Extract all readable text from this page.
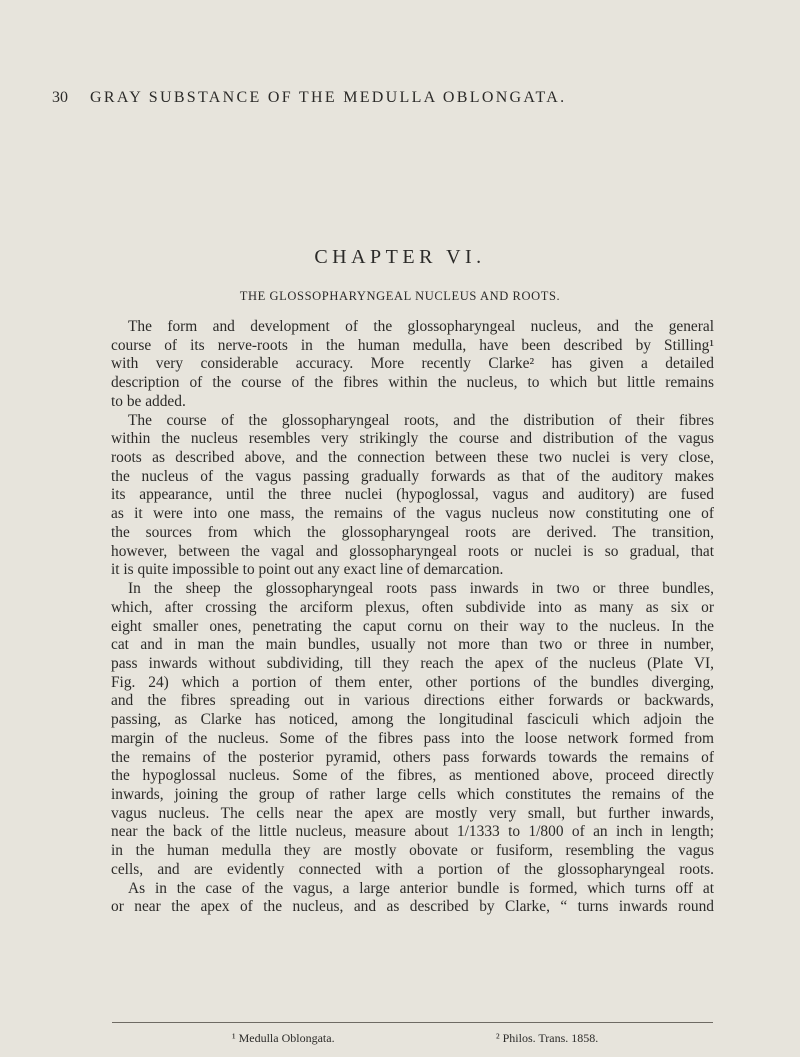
30 GRAY SUBSTANCE OF THE MEDULLA OBLONGATA.
CHAPTER VI.
THE GLOSSOPHARYNGEAL NUCLEUS AND ROOTS.
The form and development of the glossopharyngeal nucleus, and the general
course of its nerve-roots in the human medulla, have been described by Stilling¹
with very considerable accuracy. More recently Clarke² has given a detailed
description of the course of the fibres within the nucleus, to which but little remains
to be added.
The course of the glossopharyngeal roots, and the distribution of their fibres
within the nucleus resembles very strikingly the course and distribution of the vagus
roots as described above, and the connection between these two nuclei is very close,
the nucleus of the vagus passing gradually forwards as that of the auditory makes
its appearance, until the three nuclei (hypoglossal, vagus and auditory) are fused
as it were into one mass, the remains of the vagus nucleus now constituting one of
the sources from which the glossopharyngeal roots are derived. The transition,
however, between the vagal and glossopharyngeal roots or nuclei is so gradual, that
it is quite impossible to point out any exact line of demarcation.
In the sheep the glossopharyngeal roots pass inwards in two or three bundles,
which, after crossing the arciform plexus, often subdivide into as many as six or
eight smaller ones, penetrating the caput cornu on their way to the nucleus. In the
cat and in man the main bundles, usually not more than two or three in number,
pass inwards without subdividing, till they reach the apex of the nucleus (Plate VI,
Fig. 24) which a portion of them enter, other portions of the bundles diverging,
and the fibres spreading out in various directions either forwards or backwards,
passing, as Clarke has noticed, among the longitudinal fasciculi which adjoin the
margin of the nucleus. Some of the fibres pass into the loose network formed from
the remains of the posterior pyramid, others pass forwards towards the remains of
the hypoglossal nucleus. Some of the fibres, as mentioned above, proceed directly
inwards, joining the group of rather large cells which constitutes the remains of the
vagus nucleus. The cells near the apex are mostly very small, but further inwards,
near the back of the little nucleus, measure about 1/1333 to 1/800 of an inch in length;
in the human medulla they are mostly obovate or fusiform, resembling the vagus
cells, and are evidently connected with a portion of the glossopharyngeal roots.
As in the case of the vagus, a large anterior bundle is formed, which turns off at
or near the apex of the nucleus, and as described by Clarke, “ turns inwards round
¹ Medulla Oblongata.	² Philos. Trans. 1858.
